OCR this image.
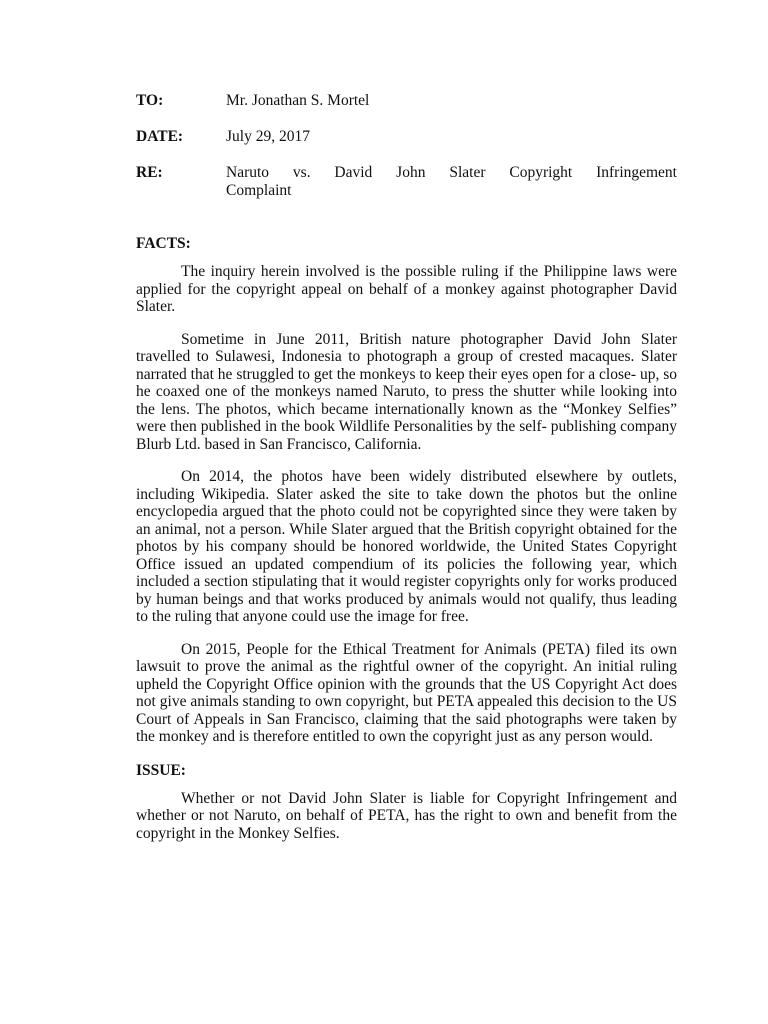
TO:	Mr. Jonathan S. Mortel
DATE:	July 29, 2017
RE:	Naruto vs. David John Slater Copyright Infringement
Complaint
FACTS:

The inquiry herein involved is the possible ruling if the Philippine laws were applied for the copyright appeal on behalf of a monkey against photographer David Slater.

Sometime in June 2011, British nature photographer David John Slater travelled to Sulawesi, Indonesia to photograph a group of crested macaques. Slater narrated that he struggled to get the monkeys to keep their eyes open for a close- up, so he coaxed one of the monkeys named Naruto, to press the shutter while looking into the lens. The photos, which became internationally known as the “Monkey Selfies” were then published in the book Wildlife Personalities by the self- publishing company Blurb Ltd. based in San Francisco, California.

On 2014, the photos have been widely distributed elsewhere by outlets, including Wikipedia. Slater asked the site to take down the photos but the online encyclopedia argued that the photo could not be copyrighted since they were taken by an animal, not a person. While Slater argued that the British copyright obtained for the photos by his company should be honored worldwide, the United States Copyright Office issued an updated compendium of its policies the following year, which included a section stipulating that it would register copyrights only for works produced by human beings and that works produced by animals would not qualify, thus leading to the ruling that anyone could use the image for free.

On 2015, People for the Ethical Treatment for Animals (PETA) filed its own lawsuit to prove the animal as the rightful owner of the copyright. An initial ruling upheld the Copyright Office opinion with the grounds that the US Copyright Act does not give animals standing to own copyright, but PETA appealed this decision to the US Court of Appeals in San Francisco, claiming that the said photographs were taken by the monkey and is therefore entitled to own the copyright just as any person would.

ISSUE:

Whether or not David John Slater is liable for Copyright Infringement and whether or not Naruto, on behalf of PETA, has the right to own and benefit from the copyright in the Monkey Selfies.
